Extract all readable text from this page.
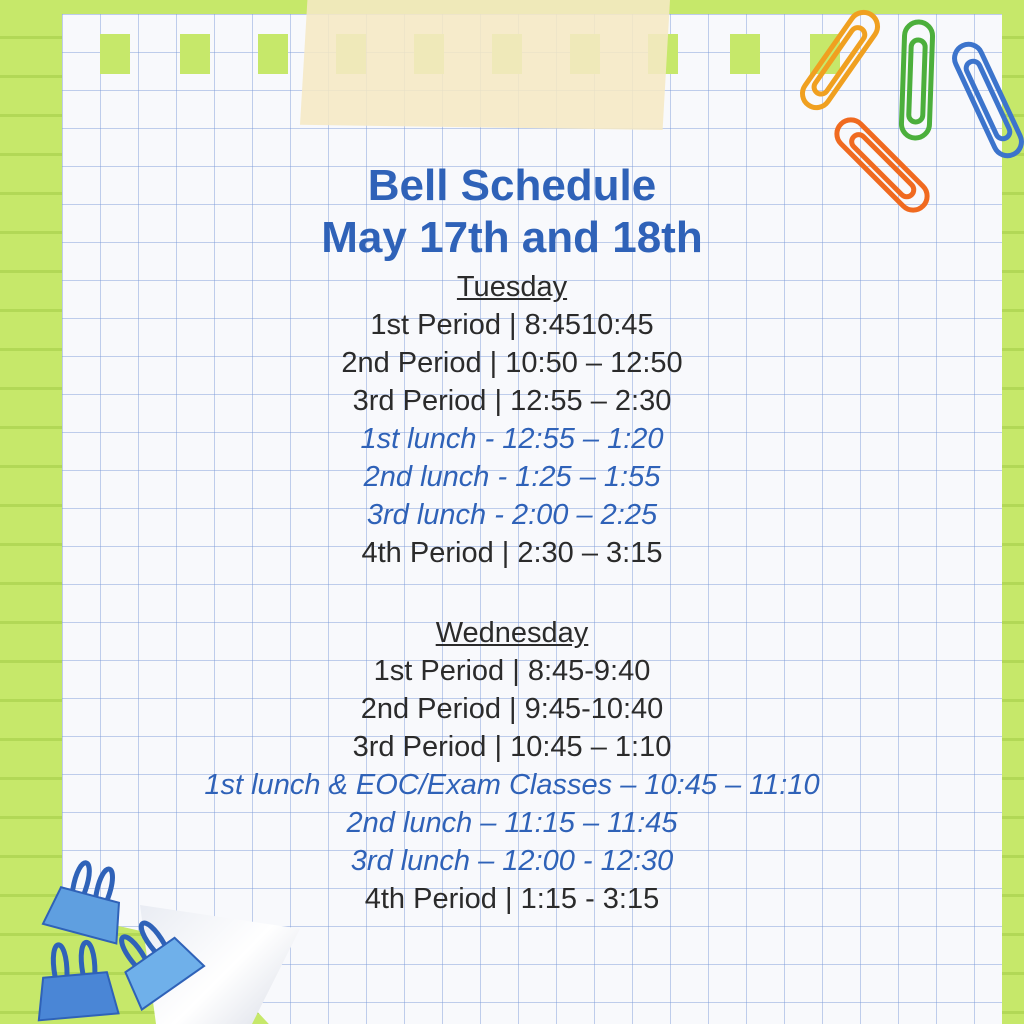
Bell Schedule
May 17th and 18th
Tuesday
1st Period | 8:4510:45
2nd Period | 10:50 – 12:50
3rd Period | 12:55 – 2:30
1st lunch - 12:55 – 1:20
2nd lunch - 1:25 – 1:55
3rd lunch - 2:00 – 2:25
4th Period | 2:30 – 3:15
Wednesday
1st Period | 8:45-9:40
2nd Period | 9:45-10:40
3rd Period | 10:45 – 1:10
1st lunch & EOC/Exam Classes – 10:45 – 11:10
2nd lunch – 11:15 – 11:45
3rd lunch – 12:00 - 12:30
4th Period | 1:15 - 3:15
